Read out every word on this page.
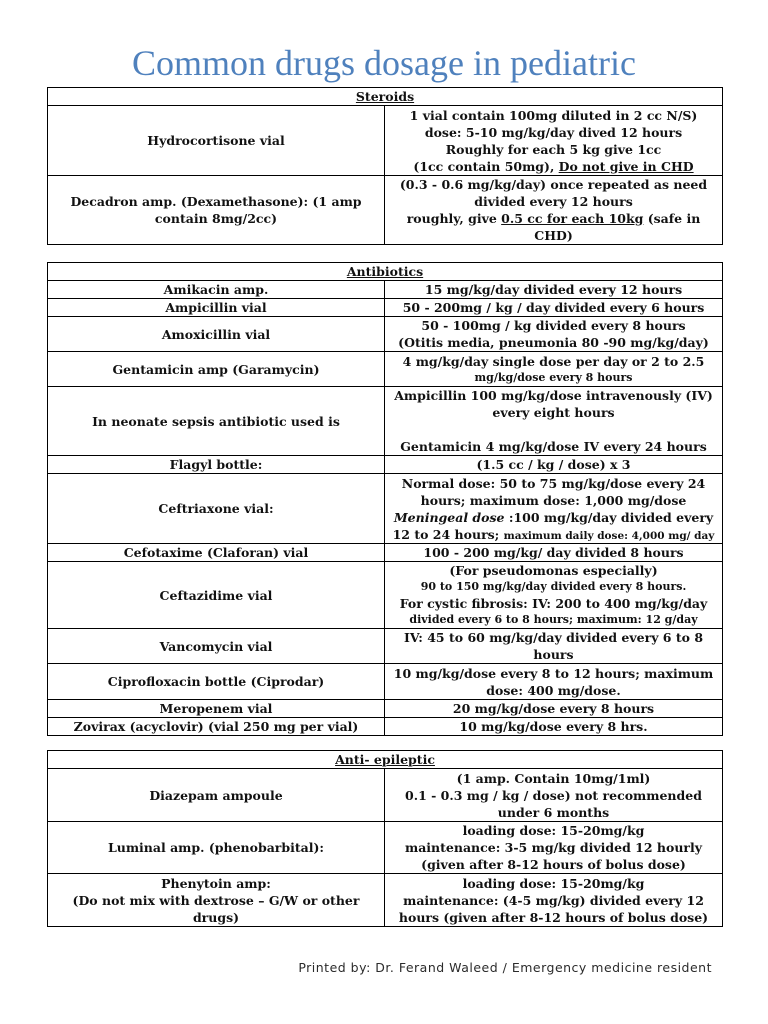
Common drugs dosage in pediatric
Steroids	

Hydrocortisone vial	1 vial contain 100mg diluted in 2 cc N/S)
dose: 5-10 mg/kg/day dived 12 hours
Roughly for each 5 kg give 1cc
(1cc contain 50mg), Do not give in CHD

Decadron amp. (Dexamethasone): (1 amp
contain 8mg/2cc)	(0.3 - 0.6 mg/kg/day) once repeated as need
divided every 12 hours
roughly, give 0.5 cc for each 10kg (safe in
CHD)
Antibiotics	

Amikacin amp.	15 mg/kg/day divided every 12 hours

Ampicillin vial	50 - 200mg / kg / day divided every 6 hours

Amoxicillin vial	50 - 100mg / kg divided every 8 hours
(Otitis media, pneumonia 80 -90 mg/kg/day)

Gentamicin amp (Garamycin)	4 mg/kg/day single dose per day or 2 to 2.5
mg/kg/dose every 8 hours

In neonate sepsis antibiotic used is	Ampicillin 100 mg/kg/dose intravenously (IV)
every eight hours
Gentamicin 4 mg/kg/dose IV every 24 hours

Flagyl bottle:	(1.5 cc / kg / dose) x 3

Ceftriaxone vial:	Normal dose: 50 to 75 mg/kg/dose every 24
hours; maximum dose: 1,000 mg/dose
Meningeal dose :100 mg/kg/day divided every
12 to 24 hours; maximum daily dose: 4,000 mg/ day

Cefotaxime (Claforan) vial	100 - 200 mg/kg/ day divided 8 hours

Ceftazidime vial	(For pseudomonas especially)
90 to 150 mg/kg/day divided every 8 hours.
For cystic fibrosis: IV: 200 to 400 mg/kg/day
divided every 6 to 8 hours; maximum: 12 g/day

Vancomycin vial	IV: 45 to 60 mg/kg/day divided every 6 to 8
hours

Ciprofloxacin bottle (Ciprodar)	10 mg/kg/dose every 8 to 12 hours; maximum
dose: 400 mg/dose.

Meropenem vial	20 mg/kg/dose every 8 hours

Zovirax (acyclovir) (vial 250 mg per vial)	10 mg/kg/dose every 8 hrs.
Anti- epileptic	

Diazepam ampoule	(1 amp. Contain 10mg/1ml)
0.1 - 0.3 mg / kg / dose) not recommended
under 6 months

Luminal amp. (phenobarbital):	loading dose: 15-20mg/kg
maintenance: 3-5 mg/kg divided 12 hourly
(given after 8-12 hours of bolus dose)

Phenytoin amp:
(Do not mix with dextrose – G/W or other
drugs)	loading dose: 15-20mg/kg
maintenance: (4-5 mg/kg) divided every 12
hours (given after 8-12 hours of bolus dose)
Printed by: Dr. Ferand Waleed / Emergency medicine resident
